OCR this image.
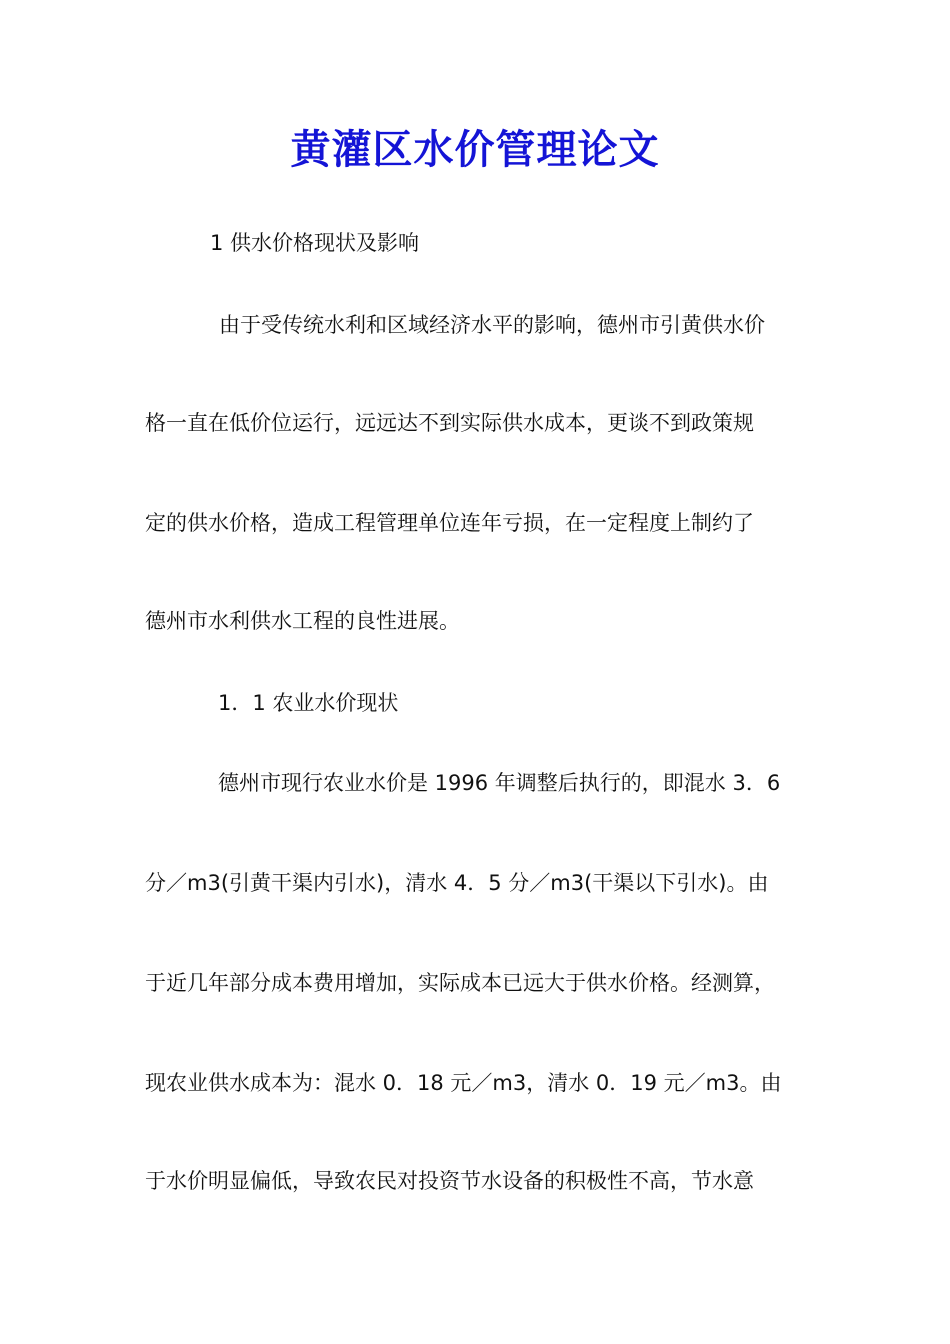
黄灌区水价管理论文
1 供水价格现状及影响
　由于受传统水利和区域经济水平的影响，德州市引黄供水价
格一直在低价位运行，远远达不到实际供水成本，更谈不到政策规
定的供水价格，造成工程管理单位连年亏损，在一定程度上制约了
德州市水利供水工程的良性进展。
1．1 农业水价现状
德州市现行农业水价是 1996 年调整后执行的，即混水 3．6
分／m3(引黄干渠内引水)，清水 4．5 分／m3(干渠以下引水)。由
于近几年部分成本费用增加，实际成本已远大于供水价格。经测算，
现农业供水成本为：混水 0．18 元／m3，清水 0．19 元／m3。由
于水价明显偏低，导致农民对投资节水设备的积极性不高，节水意
